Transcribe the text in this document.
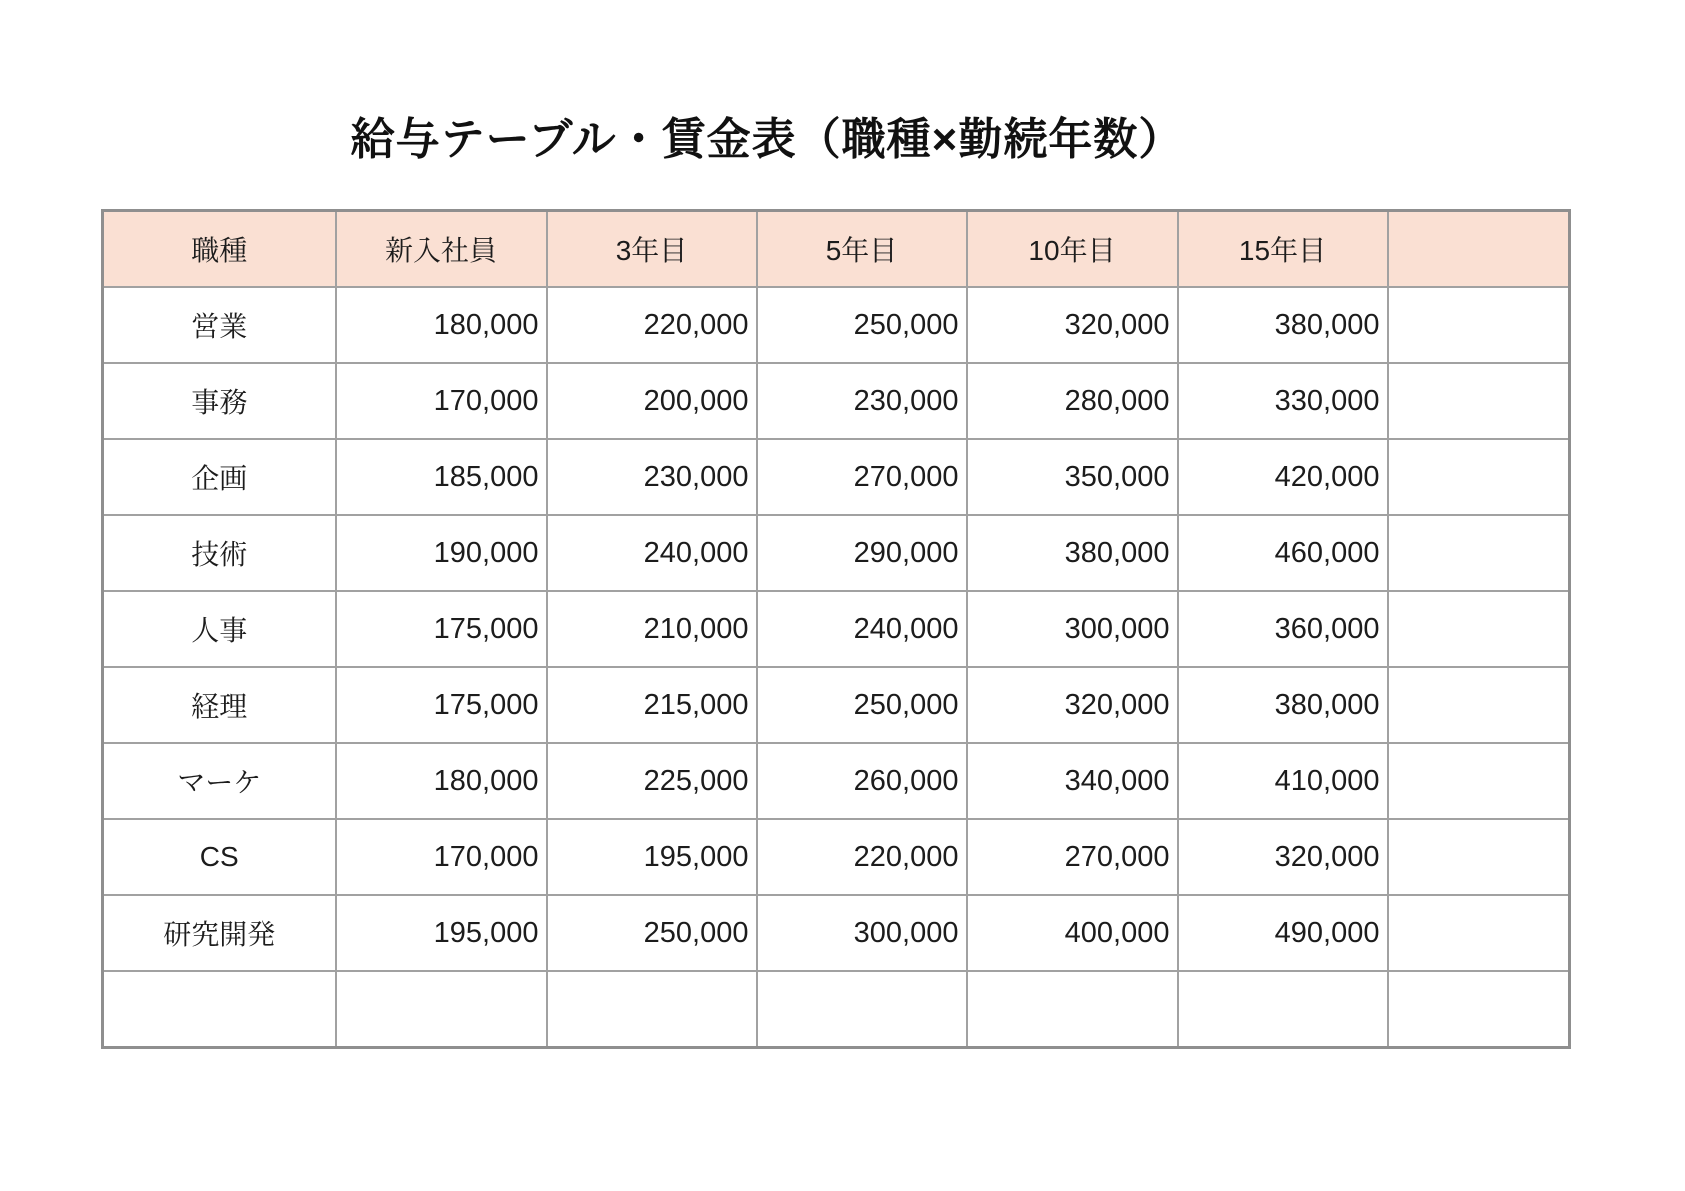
給与テーブル・賃金表（職種×勤続年数）
職種	新入社員	3年目	5年目	10年目	15年目	
営業	180,000	220,000	250,000	320,000	380,000	
事務	170,000	200,000	230,000	280,000	330,000	
企画	185,000	230,000	270,000	350,000	420,000	
技術	190,000	240,000	290,000	380,000	460,000	
人事	175,000	210,000	240,000	300,000	360,000	
経理	175,000	215,000	250,000	320,000	380,000	
マーケ	180,000	225,000	260,000	340,000	410,000	
CS	170,000	195,000	220,000	270,000	320,000	
研究開発	195,000	250,000	300,000	400,000	490,000	
